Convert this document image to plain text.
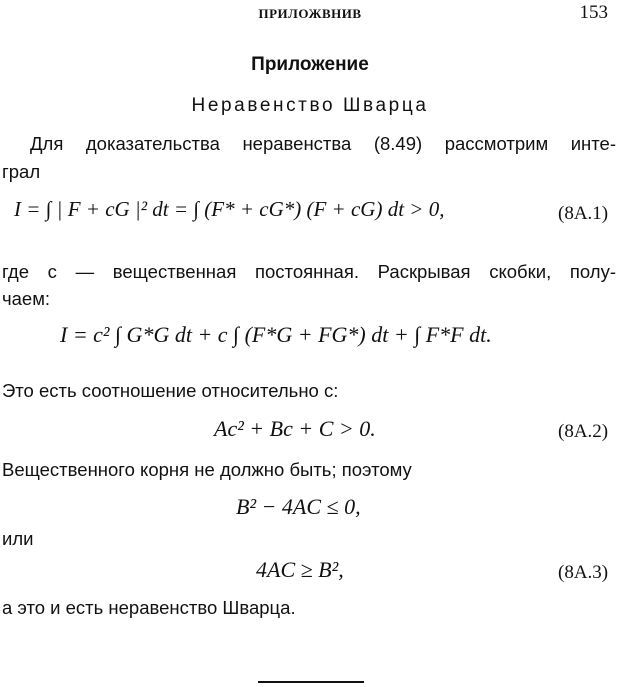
ПРИЛОЖВНИВ	153
Приложение
Неравенство Шварца
Для доказательства неравенства (8.49) рассмотрим инте-
грал
I = ∫ | F + cG |² dt = ∫ (F* + cG*) (F + cG) dt > 0,	(8A.1)
где c — вещественная постоянная. Раскрывая скобки, полу-
чаем:
I = c² ∫ G*G dt + c ∫ (F*G + FG*) dt + ∫ F*F dt.
Это есть соотношение относительно c:
Ac² + Bc + C > 0.	(8A.2)
Вещественного корня не должно быть; поэтому
B² − 4AC ≤ 0,
или
4AC ≥ B²,	(8A.3)
а это и есть неравенство Шварца.
